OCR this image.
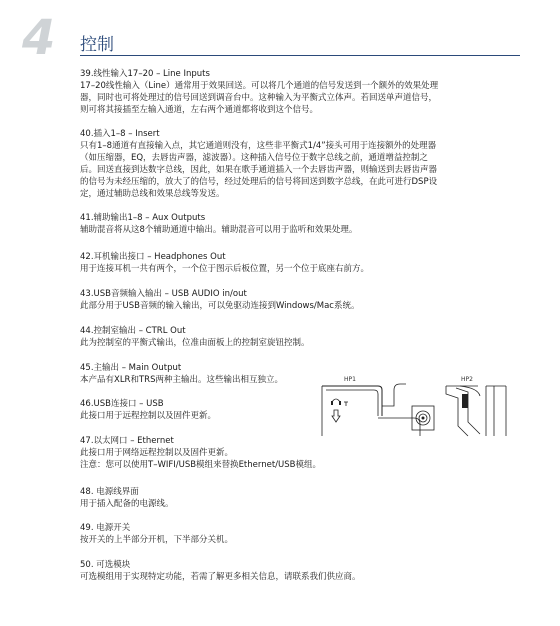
4 控制

39.线性输入17–20 – Line Inputs

17–20线性输入（Line）通常用于效果回送。可以将几个通道的信号发送到一个额外的效果处理

器，同时也可将处理过的信号回送到调音台中。这种输入为平衡式立体声。若回送单声道信号，

则可将其接插至左输入通道，左右两个通道都将收到这个信号。

40.插入1–8 – Insert

只有1–8通道有直接输入点，其它通道则没有，这些非平衡式1/4”接头可用于连接额外的处理器

（如压缩器，EQ，去唇齿声器，滤波器）。这种插入信号位于数字总线之前，通道增益控制之

后。回送直接到达数字总线，因此，如果在歌手通道插入一个去唇齿声器，则输送到去唇齿声器

的信号为未经压缩的，放大了的信号，经过处理后的信号将回送到数字总线，在此可进行DSP设

定，通过辅助总线和效果总线等发送。

41.辅助输出1–8 – Aux Outputs

辅助混音将从这8个辅助通道中输出。辅助混音可以用于监听和效果处理。

42.耳机输出接口 – Headphones Out

用于连接耳机一共有两个，一个位于图示后板位置，另一个位于底座右前方。

43.USB音频输入输出 – USB AUDIO in/out

此部分用于USB音频的输入输出，可以免驱动连接到Windows/Mac系统。

44.控制室输出 – CTRL Out

此为控制室的平衡式输出，位准由面板上的控制室旋钮控制。

45.主输出 – Main Output

本产品有XLR和TRS两种主输出。这些输出相互独立。

46.USB连接口 – USB

此接口用于远程控制以及固件更新。

47.以太网口 – Ethernet

此接口用于网络远程控制以及固件更新。

注意：您可以使用T–WIFI/USB模组来替换Ethernet/USB模组。

48. 电源线界面

用于插入配备的电源线。

49. 电源开关

按开关的上半部分开机，下半部分关机。

50. 可选模块

可选模组用于实现特定功能，若需了解更多相关信息，请联系我们供应商。

HP1	HP2
